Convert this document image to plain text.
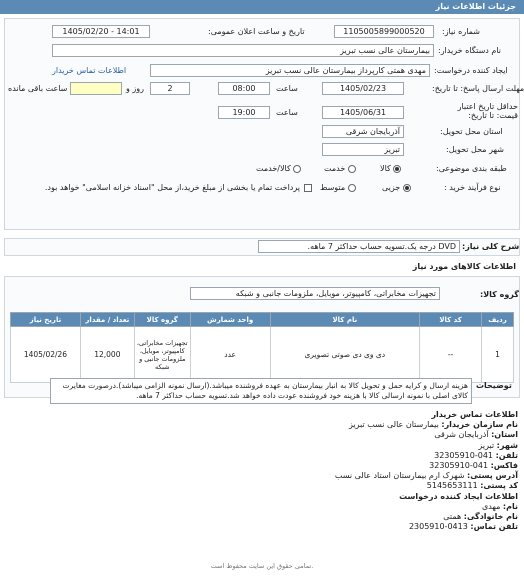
جزئیات اطلاعات نیاز
شماره نیاز:
1105005899000520
تاریخ و ساعت اعلان عمومی:
1405/02/20 - 14:01
نام دستگاه خریدار:
بیمارستان عالی نسب تبریز
ایجاد کننده درخواست:
مهدی همتی کارپرداز بیمارستان عالی نسب تبریز
اطلاعات تماس خریدار
مهلت ارسال پاسخ: تا تاریخ:
1405/02/23
ساعت
08:00
2
روز و
ساعت باقی مانده
حداقل تاریخ اعتبار قیمت: تا تاریخ:
1405/06/31
ساعت
19:00
استان محل تحویل:
آذربایجان شرقی
شهر محل تحویل:
تبریز
طبقه بندی موضوعی:
کالا
خدمت
کالا/خدمت
نوع فرآیند خرید :
جزیی
متوسط
پرداخت تمام یا بخشی از مبلغ خرید،از محل "اسناد خزانه اسلامی" خواهد بود.
شرح کلی نیاز:
DVD درجه یک.تسویه حساب حداکثر 7 ماهه.
اطلاعات کالاهای مورد نیاز
گروه کالا:
تجهیزات مخابراتی، کامپیوتر، موبایل، ملزومات جانبی و شبکه
تاریخ نیاز	تعداد / مقدار	گروه کالا	واحد شمارش	نام کالا	کد کالا	ردیف
1405/02/26	12,000	تجهیزات مخابراتی، کامپیوتر، موبایل، ملزومات جانبی و شبکه	عدد	دی وی دی صوتی تصویری	--	1
توضیحات
هزینه ارسال و کرایه حمل و تحویل کالا به انبار بیمارستان به عهده فروشنده میباشد.(ارسال نمونه الزامی میباشد).درصورت مغایرت کالای اصلی با نمونه ارسالی کالا با هزینه خود فروشنده عودت داده خواهد شد.تسویه حساب حداکثر 7 ماهه.
اطلاعات تماس خریدار
نام سازمان خریدار: بیمارستان عالی نسب تبریز
استان: آذربایجان شرقی
شهر: تبریز
تلفن: 041-32305910
فاکس: 041-32305910
آدرس پستی: شهرک ارم بیمارستان استاد عالی نسب
کد پستی: 5145653111
اطلاعات ایجاد کننده درخواست
نام: مهدی
نام خانوادگی: همتی
تلفن تماس: 0413-2305910
تمامی حقوق این سایت محفوظ است.
